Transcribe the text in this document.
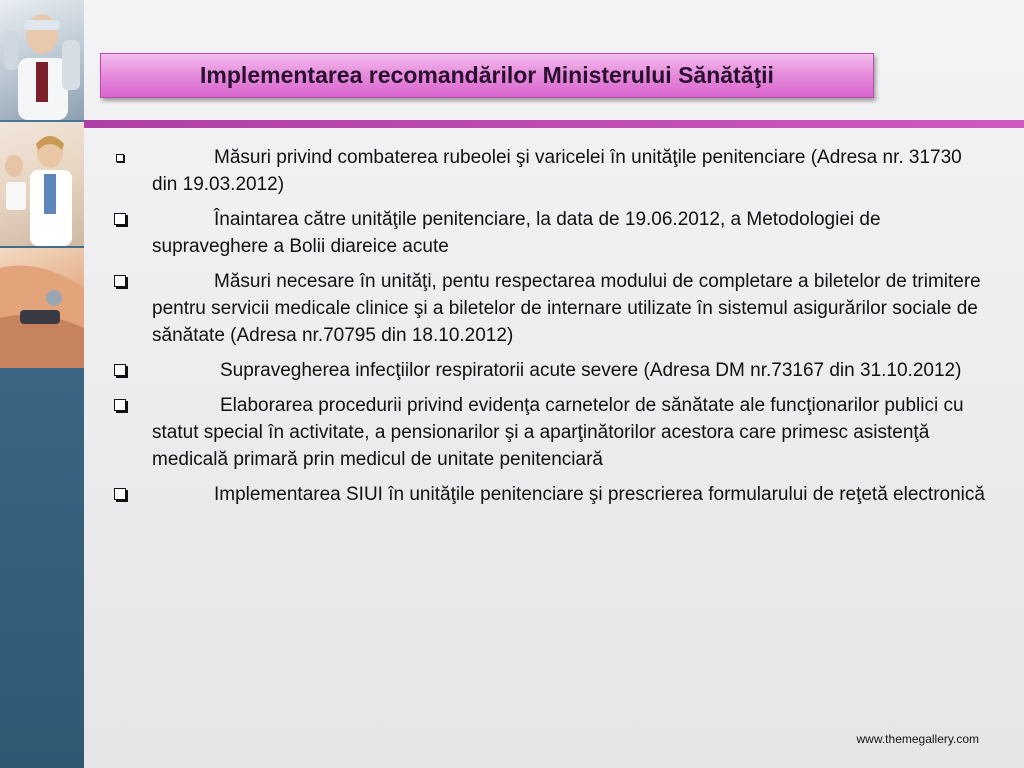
Implementarea recomandărilor Ministerului Sănătăţii
Măsuri privind combaterea rubeolei şi varicelei în unităţile penitenciare (Adresa nr. 31730 din 19.03.2012)
Înaintarea către unităţile penitenciare, la data de 19.06.2012, a Metodologiei de supraveghere a Bolii diareice acute
Măsuri necesare în unităţi, pentu respectarea modului de completare a biletelor de trimitere pentru servicii medicale clinice şi a biletelor de internare utilizate în sistemul asigurărilor sociale de sănătate (Adresa nr.70795 din 18.10.2012)
Supravegherea infecţiilor respiratorii acute severe (Adresa DM nr.73167 din 31.10.2012)
Elaborarea procedurii privind evidenţa carnetelor de sănătate ale funcţionarilor publici cu statut special în activitate, a pensionarilor şi a aparţinătorilor acestora care primesc asistenţă medicală primară prin medicul de unitate penitenciară
Implementarea SIUI în unităţile penitenciare şi prescrierea formularului de reţetă electronică
www.themegallery.com
